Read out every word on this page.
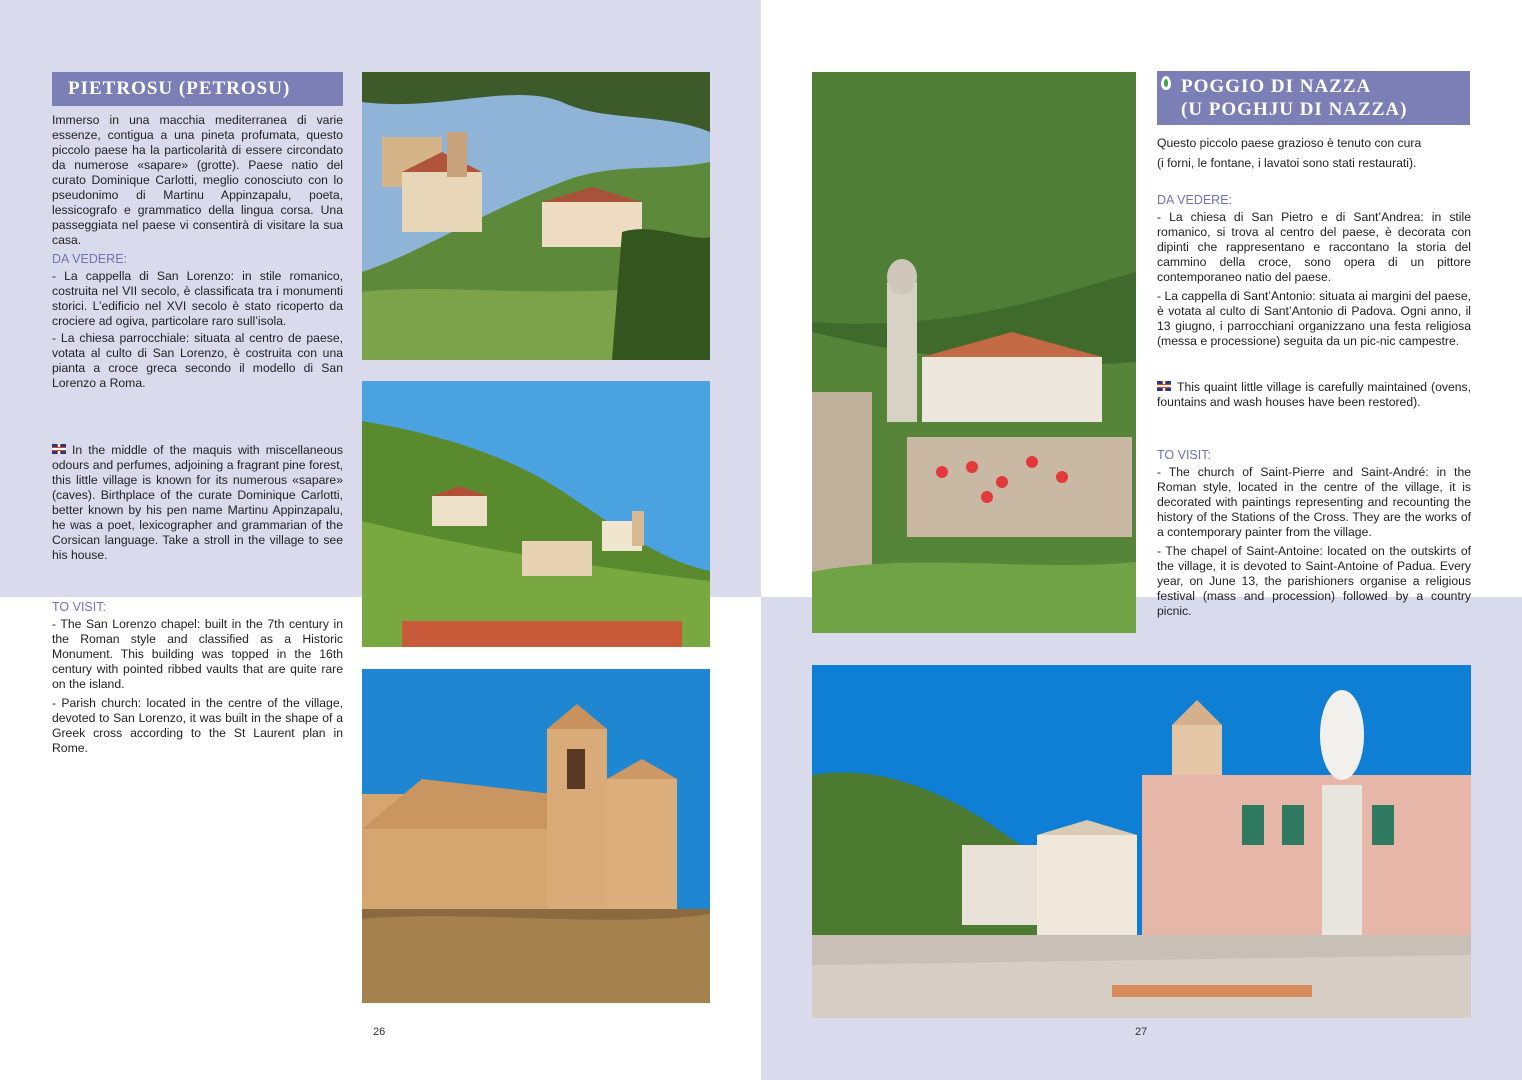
PIETROSU (PETROSU)

Immerso in una macchia mediterranea di varie essenze, contigua a una pineta profumata, questo piccolo paese ha la particolarità di essere circondato da numerose «sapare» (grotte). Paese natio del curato Dominique Carlotti, meglio conosciuto con lo pseudonimo di Martinu Appinzapalu, poeta, lessicografo e grammatico della lingua corsa. Una passeggiata nel paese vi consentirà di visitare la sua casa.

DA VEDERE:

- La cappella di San Lorenzo: in stile romanico, costruita nel VII secolo, è classificata tra i monumenti storici. L’edificio nel XVI secolo è stato ricoperto da crociere ad ogiva, particolare raro sull’isola.

- La chiesa parrocchiale: situata al centro de paese, votata al culto di San Lorenzo, è costruita con una pianta a croce greca secondo il modello di San Lorenzo a Roma.

In the middle of the maquis with miscellaneous odours and perfumes, adjoining a fragrant pine forest, this little village is known for its numerous «sapare» (caves). Birthplace of the curate Dominique Carlotti, better known by his pen name Martinu Appinzapalu, he was a poet, lexicographer and grammarian of the Corsican language. Take a stroll in the village to see his house.

TO VISIT:

- The San Lorenzo chapel: built in the 7th century in the Roman style and classified as a Historic Monument. This building was topped in the 16th century with pointed ribbed vaults that are quite rare on the island.

- Parish church: located in the centre of the village, devoted to San Lorenzo, it was built in the shape of a Greek cross according to the St Laurent plan in Rome.

26
POGGIO DI NAZZA
(U POGHJU DI NAZZA)
Questo piccolo paese grazioso è tenuto con cura
(i forni, le fontane, i lavatoi sono stati restaurati).

DA VEDERE:

- La chiesa di San Pietro e di Sant’Andrea: in stile romanico, si trova al centro del paese, è decorata con dipinti che rappresentano e raccontano la storia del cammino della croce, sono opera di un pittore contemporaneo natio del paese.

- La cappella di Sant’Antonio: situata ai margini del paese, è votata al culto di Sant’Antonio di Padova. Ogni anno, il 13 giugno, i parrocchiani organizzano una festa religiosa (messa e processione) seguita da un pic-nic campestre.

This quaint little village is carefully maintained (ovens, fountains and wash houses have been restored).

TO VISIT:

- The church of Saint-Pierre and Saint-André: in the Roman style, located in the centre of the village, it is decorated with paintings representing and recounting the history of the Stations of the Cross. They are the works of a contemporary painter from the village.

- The chapel of Saint-Antoine: located on the outskirts of the village, it is devoted to Saint-Antoine of Padua. Every year, on June 13, the parishioners organise a religious festival (mass and procession) followed by a country picnic.

27
